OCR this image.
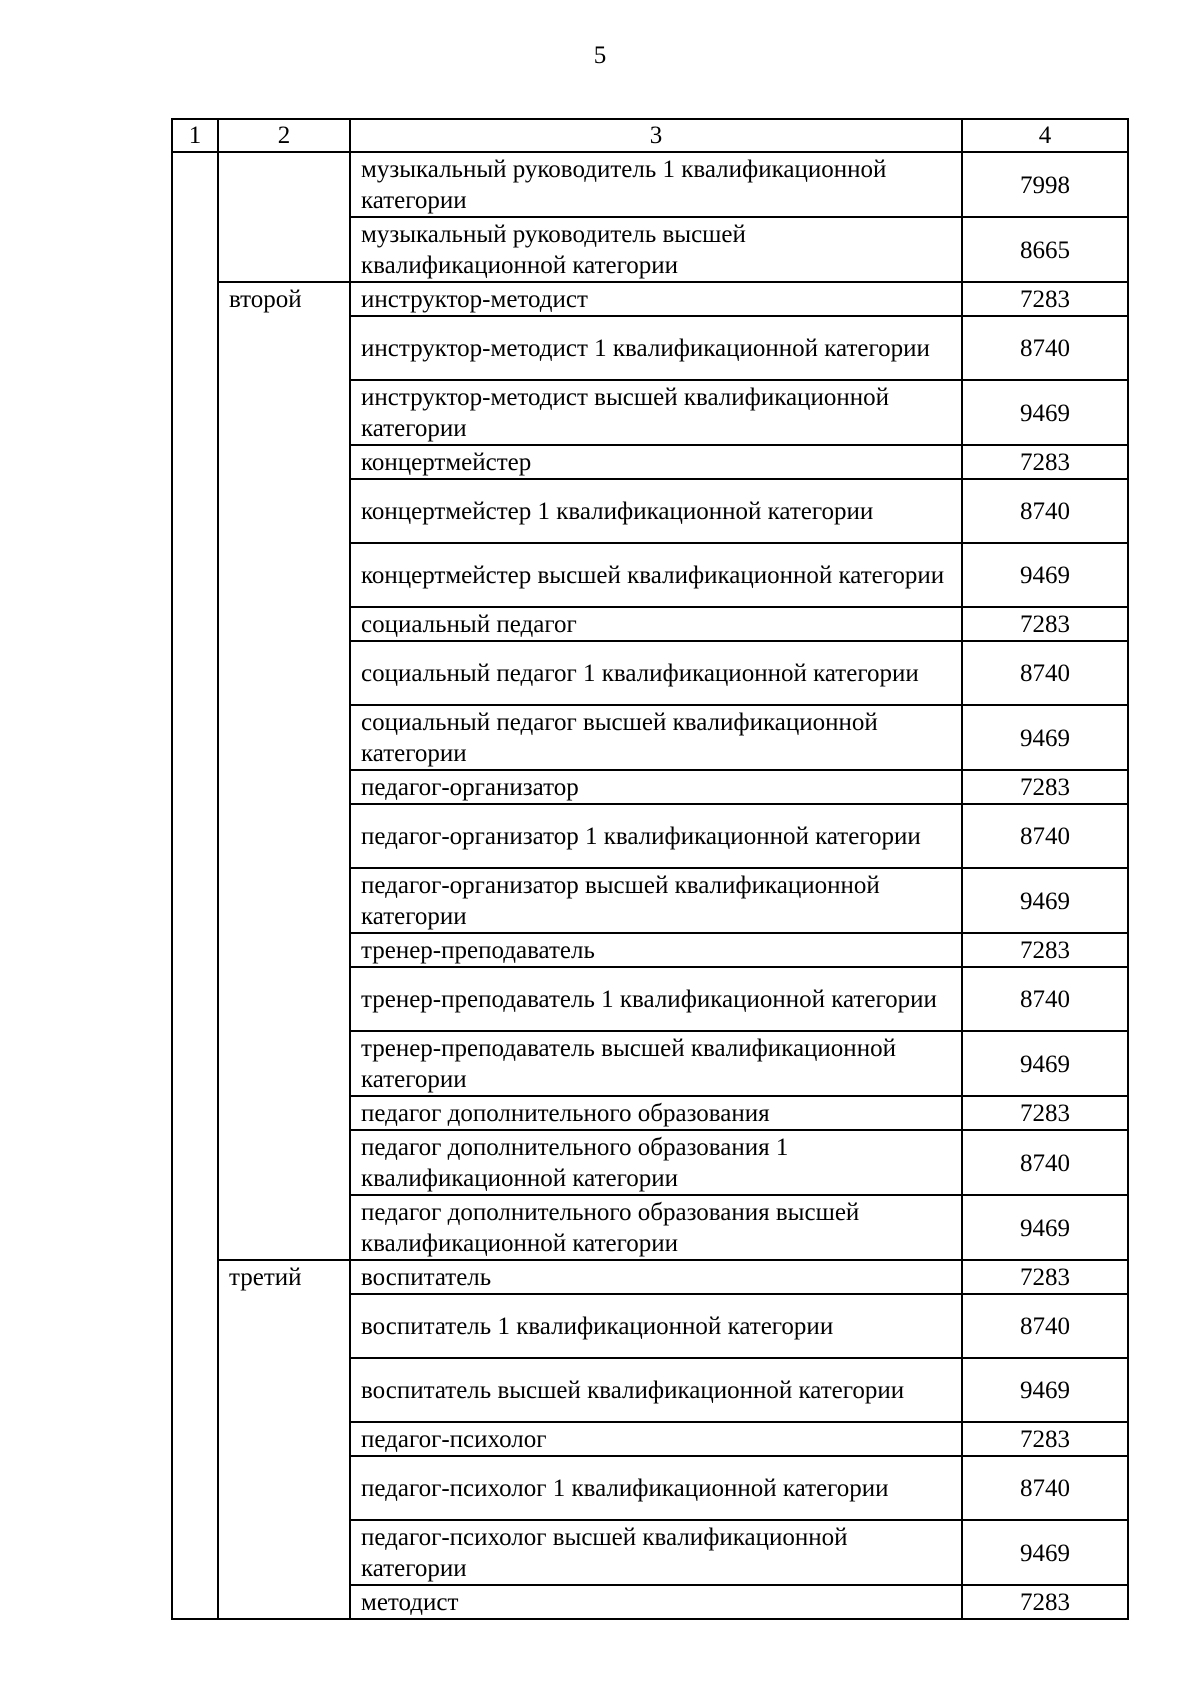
5
1	2	3	4
		музыкальный руководитель 1 квалификационной категории	7998
		музыкальный руководитель высшей квалификационной категории	8665
	второй	инструктор-методист	7283
		инструктор-методист 1 квалификационной категории	8740
		инструктор-методист высшей квалификационной категории	9469
		концертмейстер	7283
		концертмейстер 1 квалификационной категории	8740
		концертмейстер высшей квалификационной категории	9469
		социальный педагог	7283
		социальный педагог 1 квалификационной категории	8740
		социальный педагог высшей квалификационной категории	9469
		педагог-организатор	7283
		педагог-организатор 1 квалификационной категории	8740
		педагог-организатор высшей квалификационной категории	9469
		тренер-преподаватель	7283
		тренер-преподаватель 1 квалификационной категории	8740
		тренер-преподаватель высшей квалификационной категории	9469
		педагог дополнительного образования	7283
		педагог дополнительного образования 1 квалификационной категории	8740
		педагог дополнительного образования высшей квалификационной категории	9469
	третий	воспитатель	7283
		воспитатель 1 квалификационной категории	8740
		воспитатель высшей квалификационной категории	9469
		педагог-психолог	7283
		педагог-психолог 1 квалификационной категории	8740
		педагог-психолог высшей квалификационной категории	9469
		методист	7283
